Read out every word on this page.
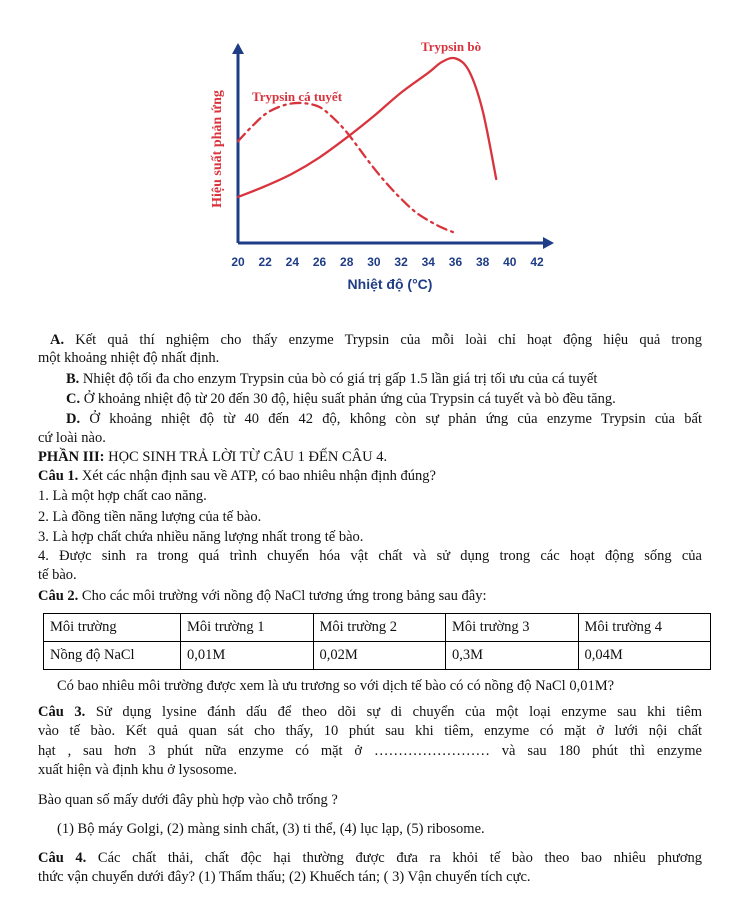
20 22 24 26 28 30 32 34 36 38 40 42
Nhiệt độ (°C)
Hiệu suất phản ứng Trypsin cá tuyết
Trypsin bò
A. Kết quả thí nghiệm cho thấy enzyme Trypsin của mỗi loài chỉ hoạt động hiệu quả trong
một khoảng nhiệt độ nhất định.
B. Nhiệt độ tối đa cho enzym Trypsin của bò có giá trị gấp 1.5 lần giá trị tối ưu của cá tuyết
C. Ở khoảng nhiệt độ từ 20 đến 30 độ, hiệu suất phản ứng của Trypsin cá tuyết và bò đều tăng.
D. Ở khoảng nhiệt độ từ 40 đến 42 độ, không còn sự phản ứng của enzyme Trypsin của bất
cứ loài nào.
PHẦN III: HỌC SINH TRẢ LỜI TỪ CÂU 1 ĐẾN CÂU 4.
Câu 1. Xét các nhận định sau về ATP, có bao nhiêu nhận định đúng?
1. Là một hợp chất cao năng.
2. Là đồng tiền năng lượng của tế bào.
3. Là hợp chất chứa nhiều năng lượng nhất trong tế bào.
4. Được sinh ra trong quá trình chuyển hóa vật chất và sử dụng trong các hoạt động sống của
tế bào.
Câu 2. Cho các môi trường với nồng độ NaCl tương ứng trong bảng sau đây:
Môi trường	Môi trường 1	Môi trường 2	Môi trường 3	Môi trường 4
Nồng độ NaCl	0,01M	0,02M	0,3M	0,04M
Có bao nhiêu môi trường được xem là ưu trương so với dịch tế bào có có nồng độ NaCl 0,01M?
Câu 3. Sử dụng lysine đánh dấu để theo dõi sự di chuyển của một loại enzyme sau khi tiêm
vào tế bào. Kết quả quan sát cho thấy, 10 phút sau khi tiêm, enzyme có mặt ở lưới nội chất
hạt , sau hơn 3 phút nữa enzyme có mặt ở …………………… và sau 180 phút thì enzyme
xuất hiện và định khu ở lysosome.
Bào quan số mấy dưới đây phù hợp vào chỗ trống ?
(1) Bộ máy Golgi, (2) màng sinh chất, (3) ti thể, (4) lục lạp, (5) ribosome.
Câu 4. Các chất thải, chất độc hại thường được đưa ra khỏi tế bào theo bao nhiêu phương
thức vận chuyển dưới đây? (1) Thẩm thấu; (2) Khuếch tán; ( 3) Vận chuyển tích cực.
